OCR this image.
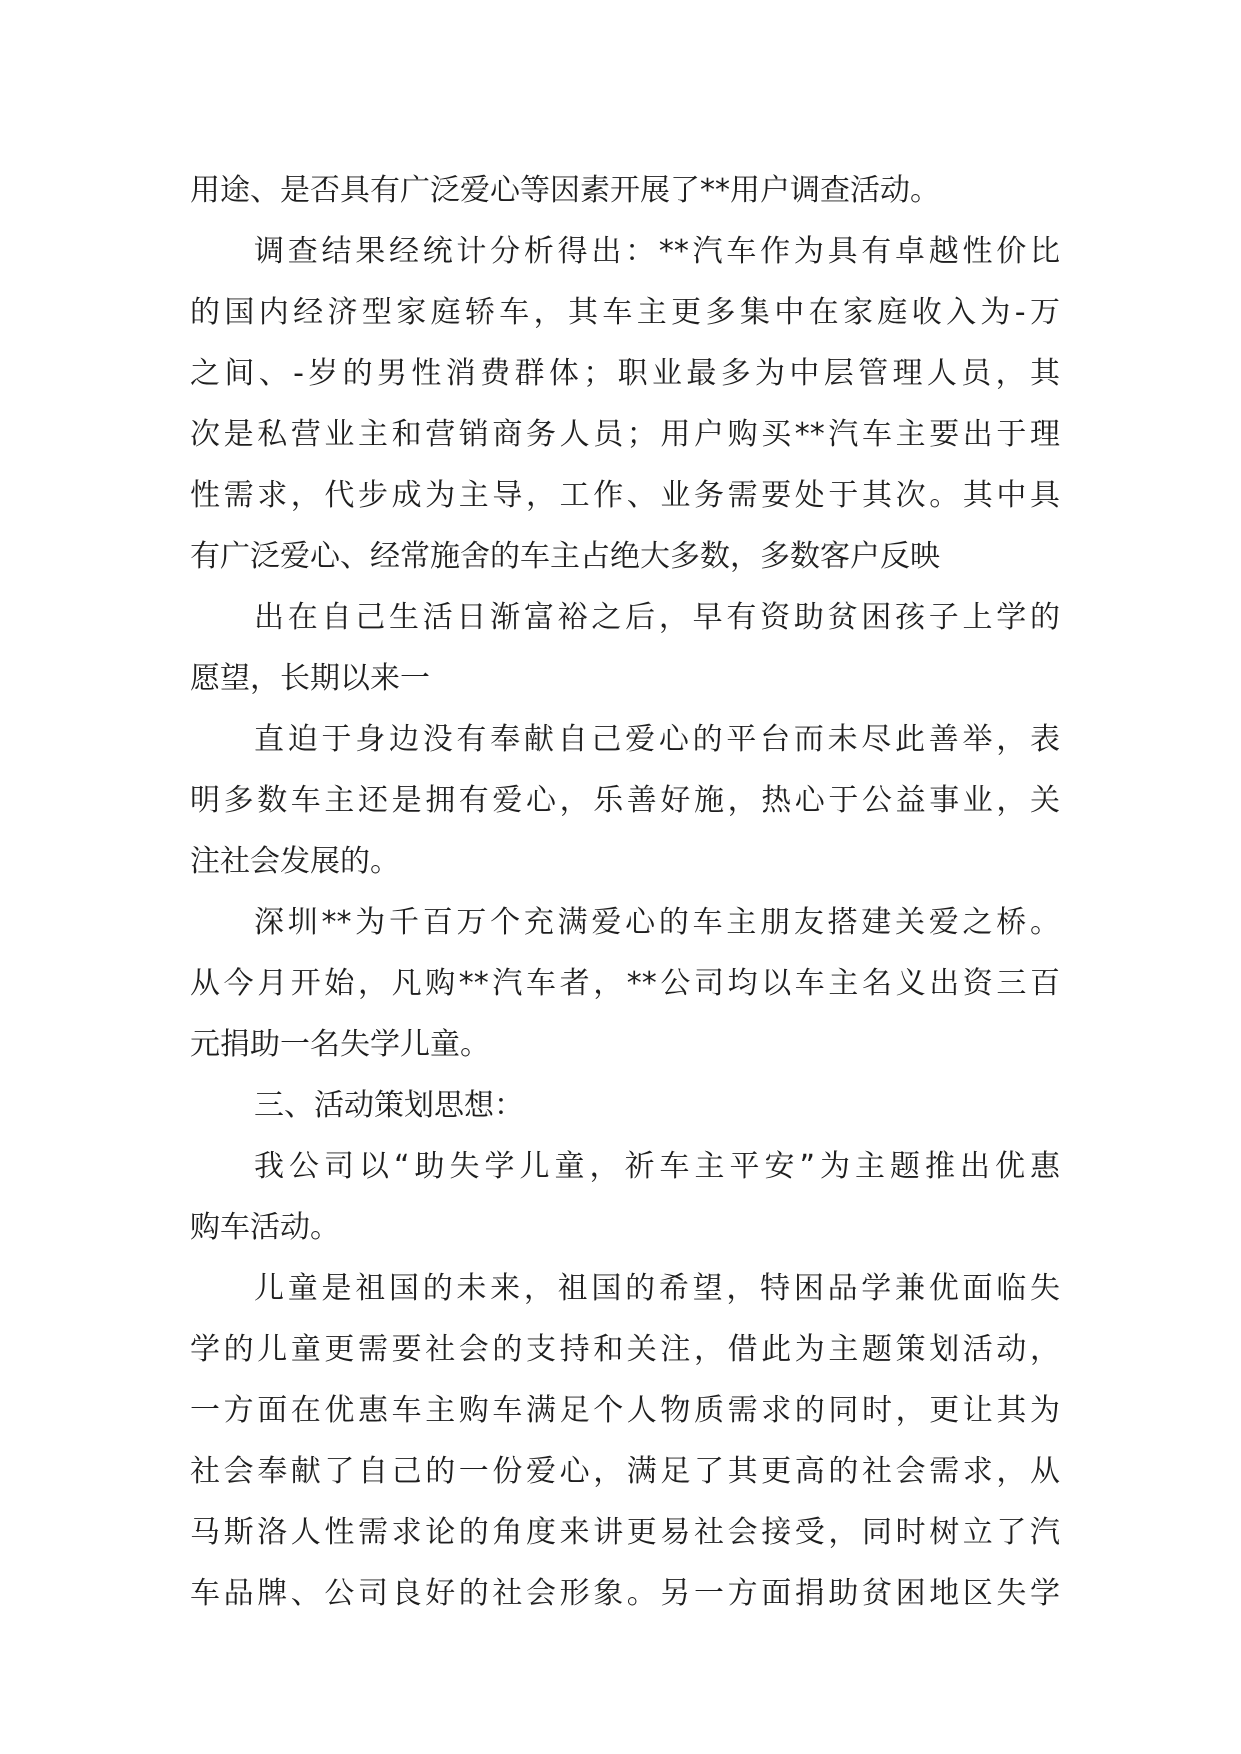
用途、是否具有广泛爱心等因素开展了**用户调查活动。
调查结果经统计分析得出：**汽车作为具有卓越性价比
的国内经济型家庭轿车，其车主更多集中在家庭收入为-万
之间、-岁的男性消费群体；职业最多为中层管理人员，其
次是私营业主和营销商务人员；用户购买**汽车主要出于理
性需求，代步成为主导，工作、业务需要处于其次。其中具
有广泛爱心、经常施舍的车主占绝大多数，多数客户反映
出在自己生活日渐富裕之后，早有资助贫困孩子上学的
愿望，长期以来一
直迫于身边没有奉献自己爱心的平台而未尽此善举，表
明多数车主还是拥有爱心，乐善好施，热心于公益事业，关
注社会发展的。
深圳**为千百万个充满爱心的车主朋友搭建关爱之桥。
从今月开始，凡购**汽车者，**公司均以车主名义出资三百
元捐助一名失学儿童。
三、活动策划思想：
我公司以“助失学儿童，祈车主平安”为主题推出优惠
购车活动。
儿童是祖国的未来，祖国的希望，特困品学兼优面临失
学的儿童更需要社会的支持和关注，借此为主题策划活动，
一方面在优惠车主购车满足个人物质需求的同时，更让其为
社会奉献了自己的一份爱心，满足了其更高的社会需求，从
马斯洛人性需求论的角度来讲更易社会接受，同时树立了汽
车品牌、公司良好的社会形象。另一方面捐助贫困地区失学
